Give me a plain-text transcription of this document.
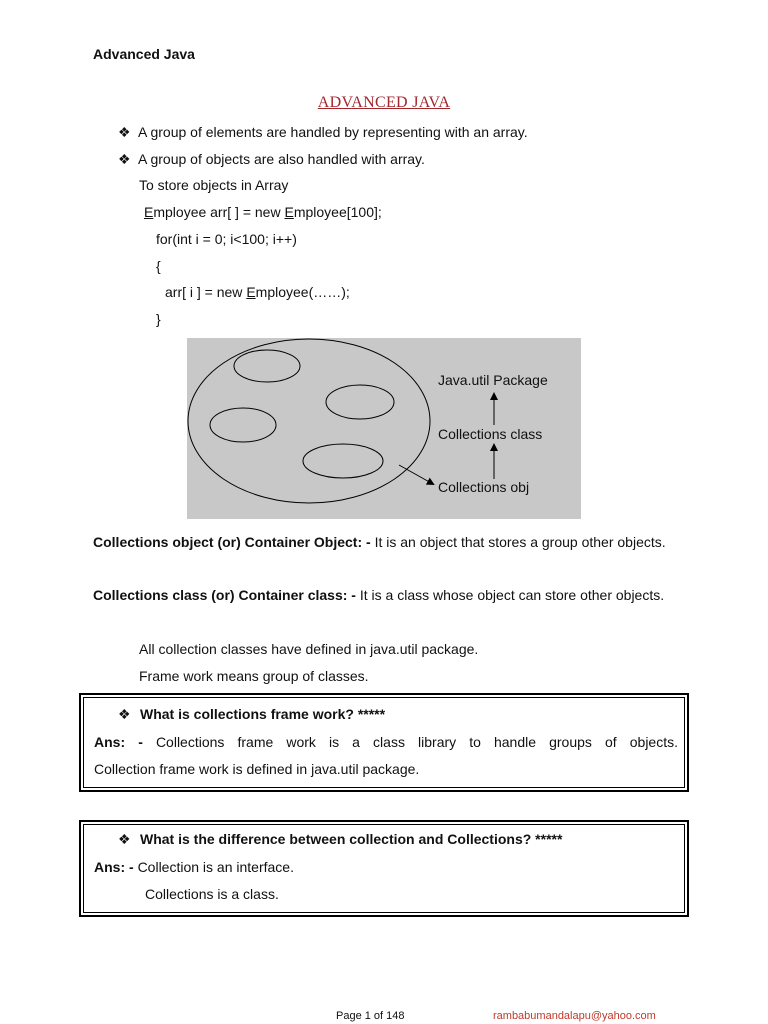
Advanced Java
ADVANCED JAVA
❖ A group of elements are handled by representing with an array.
❖ A group of objects are also handled with array.
To store objects in Array
Employee arr[ ] = new Employee[100];
for(int i = 0; i<100; i++)
{
arr[ i ] = new Employee(……);
}
Java.util Package
Collections class
Collections obj
Collections object (or) Container Object: - It is an object that stores a group other objects.
Collections class (or) Container class: - It is a class whose object can store other objects.
All collection classes have defined in java.util package.
Frame work means group of classes.
❖ What is collections frame work? *****
Ans: - Collections frame work is a class library to handle groups of objects.
Collection frame work is defined in java.util package.
❖ What is the difference between collection and Collections? *****
Ans: - Collection is an interface.
Collections is a class.
Page 1 of 148	rambabumandalapu@yahoo.com
